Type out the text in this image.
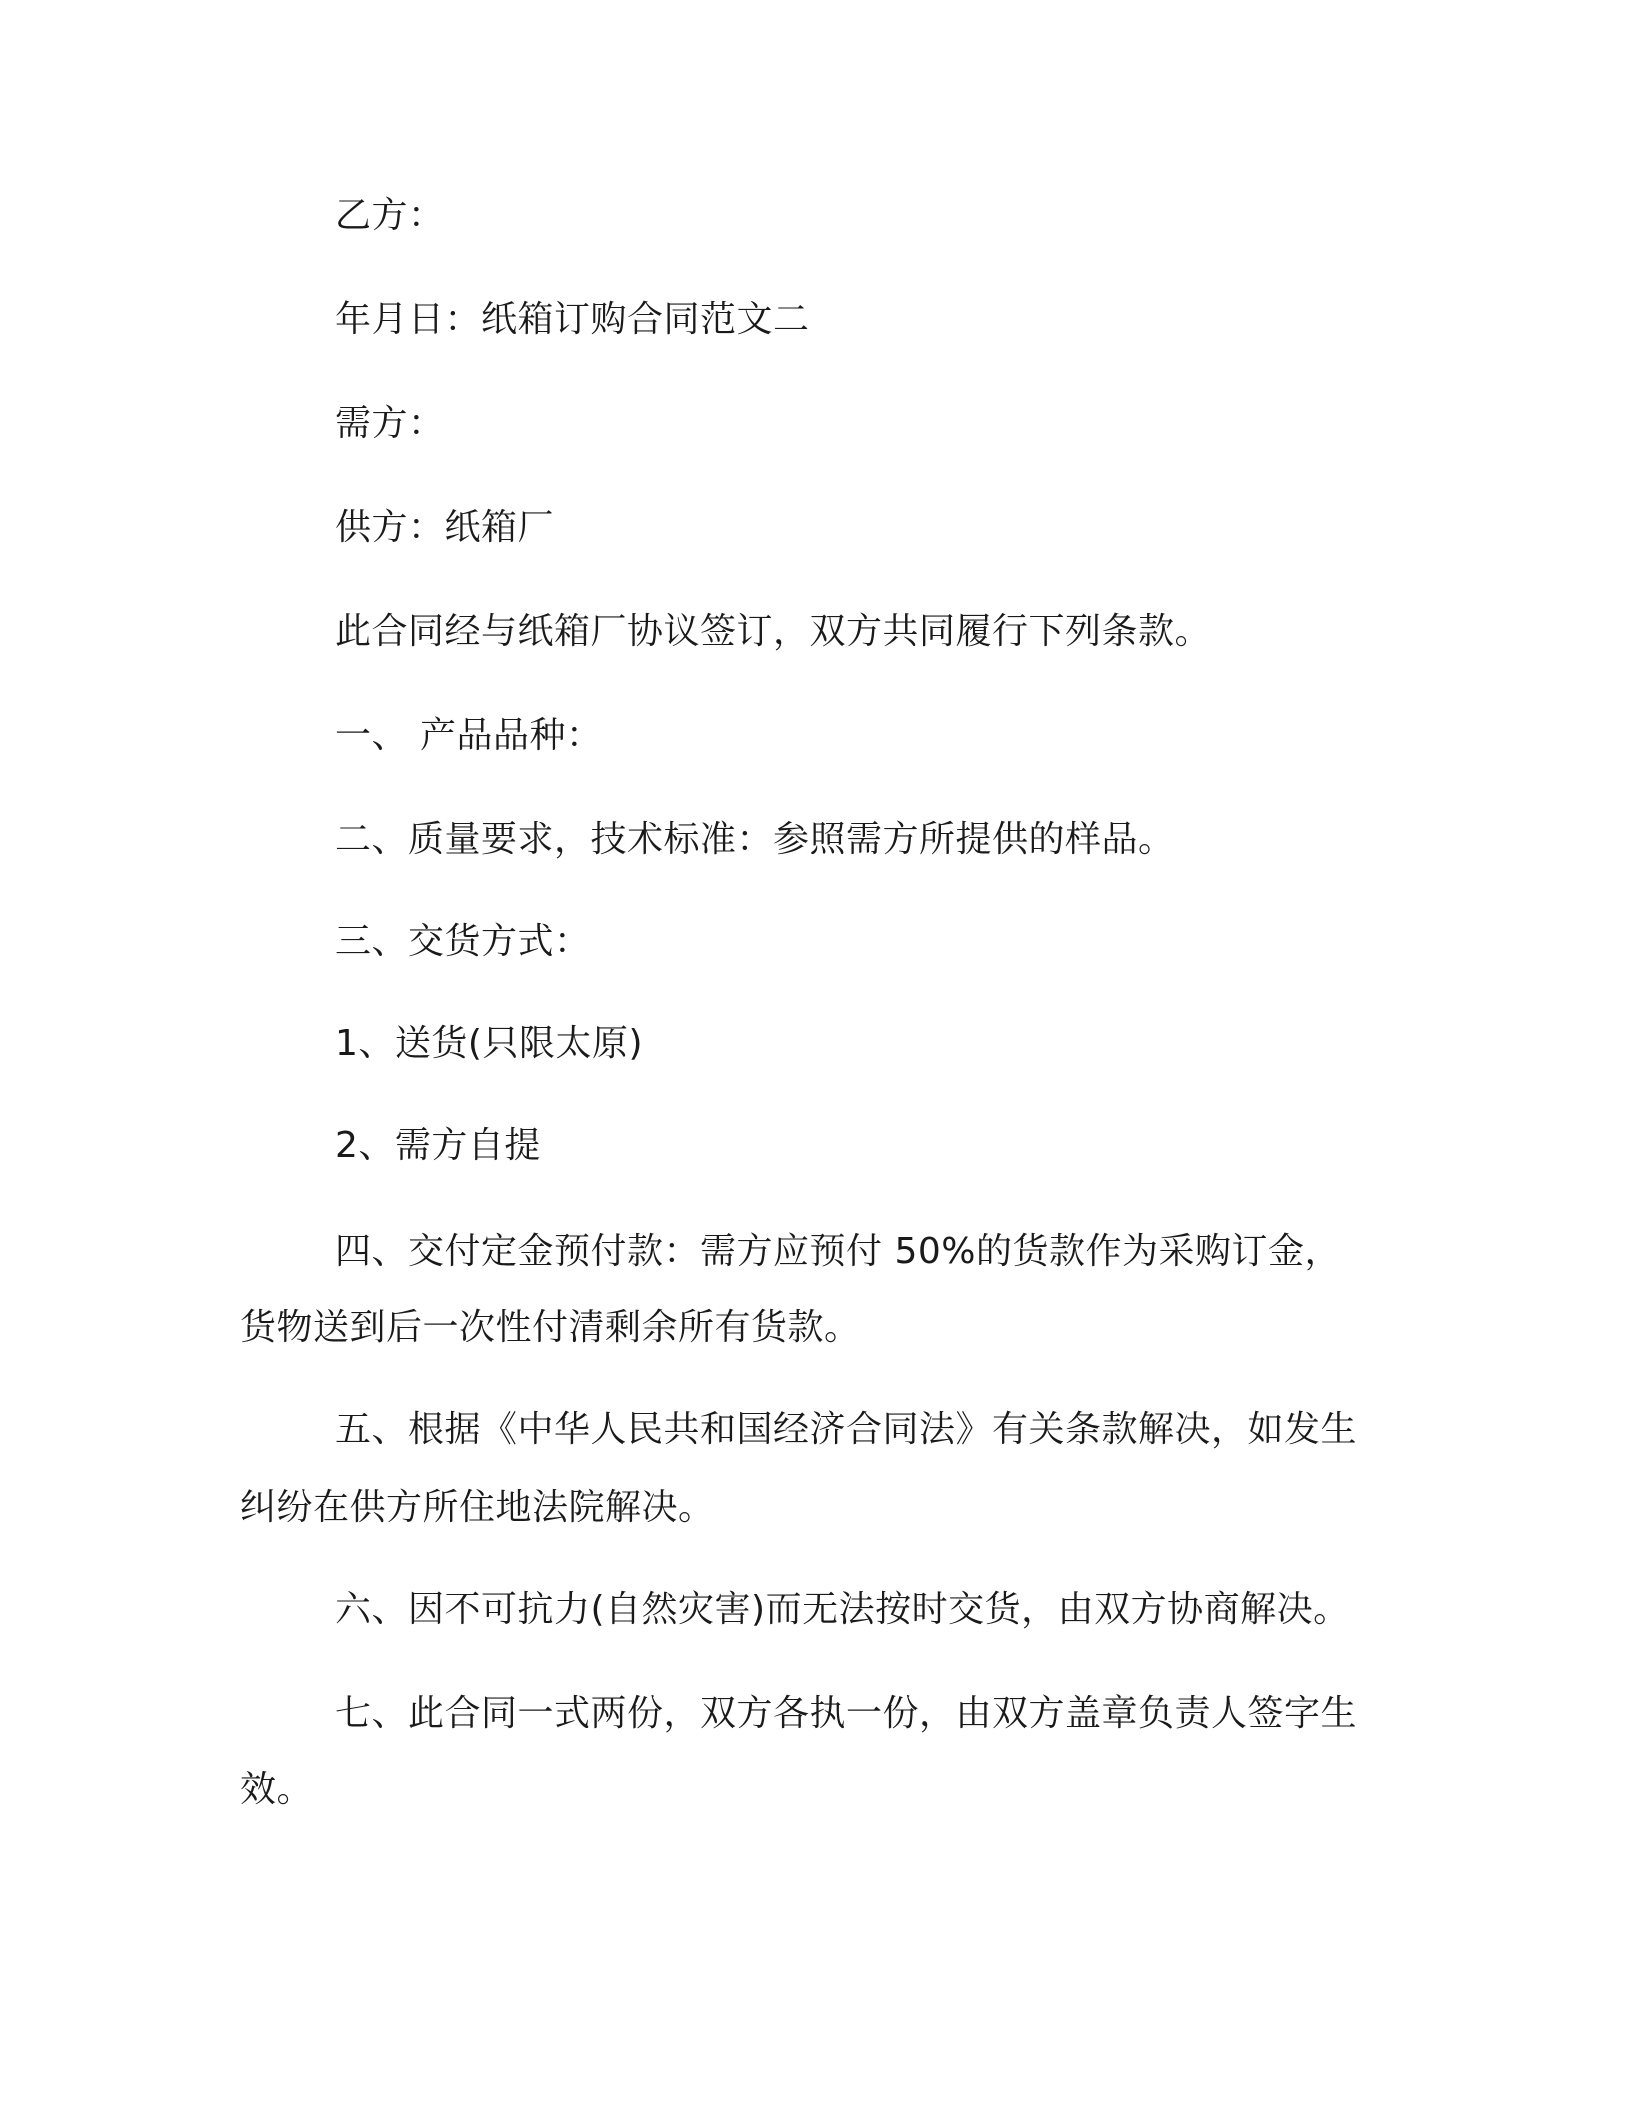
乙方：

年月日：纸箱订购合同范文二

需方：

供方：纸箱厂

此合同经与纸箱厂协议签订，双方共同履行下列条款。

一、 产品品种：

二、质量要求，技术标准：参照需方所提供的样品。

三、交货方式：

1、送货(只限太原)

2、需方自提

四、交付定金预付款：需方应预付 50%的货款作为采购订金，

货物送到后一次性付清剩余所有货款。

五、根据《中华人民共和国经济合同法》有关条款解决，如发生

纠纷在供方所住地法院解决。

六、因不可抗力(自然灾害)而无法按时交货，由双方协商解决。

七、此合同一式两份，双方各执一份，由双方盖章负责人签字生

效。
